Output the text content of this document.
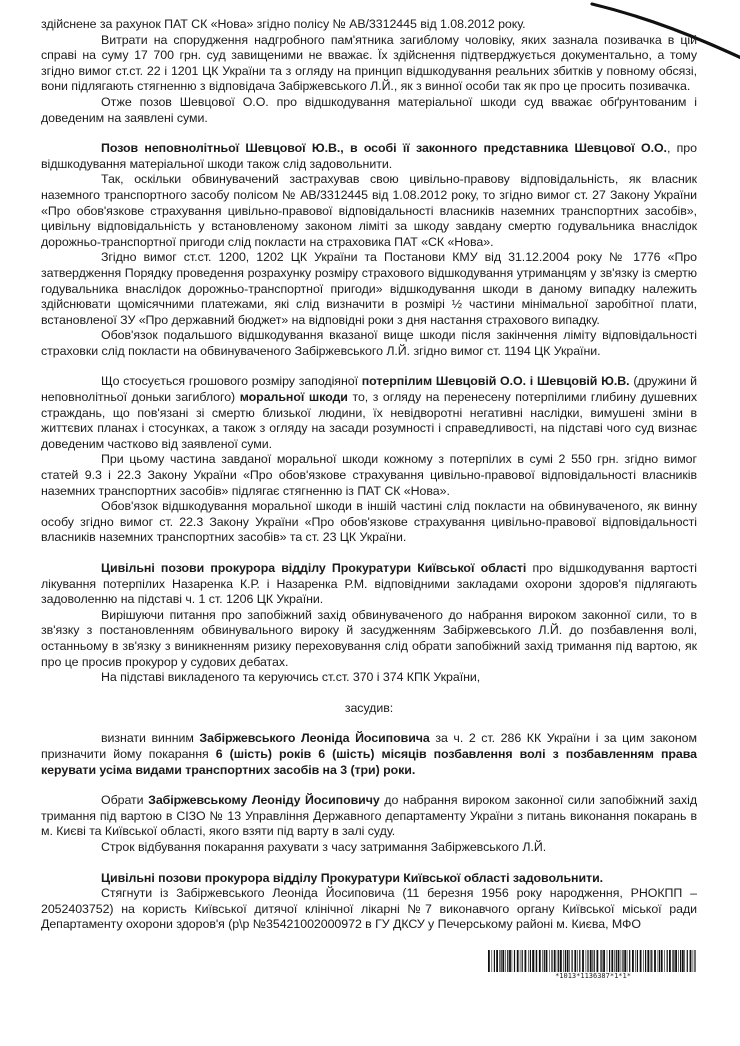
здійснене за рахунок ПАТ СК «Нова» згідно полісу № АВ/3312445 від 1.08.2012 року.

Витрати на спорудження надгробного пам'ятника загиблому чоловіку, яких зазнала позивачка в цій справі на суму 17 700 грн. суд завищеними не вважає. Їх здійснення підтверджується документально, а тому згідно вимог ст.ст. 22 і 1201 ЦК України та з огляду на принцип відшкодування реальних збитків у повному обсязі, вони підлягають стягненню з відповідача Забіржевського Л.Й., як з винної особи так як про це просить позивачка.

Отже позов Шевцової О.О. про відшкодування матеріальної шкоди суд вважає обґрунтованим і доведеним на заявлені суми.

Позов неповнолітньої Шевцової Ю.В., в особі її законного представника Шевцової О.О., про відшкодування матеріальної шкоди також слід задовольнити.

Так, оскільки обвинувачений застрахував свою цивільно-правову відповідальність, як власник наземного транспортного засобу полісом № АВ/3312445 від 1.08.2012 року, то згідно вимог ст. 27 Закону України «Про обов'язкове страхування цивільно-правової відповідальності власників наземних транспортних засобів», цивільну відповідальність у встановленому законом ліміті за шкоду завдану смертю годувальника внаслідок дорожньо-транспортної пригоди слід покласти на страховика ПАТ «СК «Нова».

Згідно вимог ст.ст. 1200, 1202 ЦК України та Постанови КМУ від 31.12.2004 року № 1776 «Про затвердження Порядку проведення розрахунку розміру страхового відшкодування утриманцям у зв'язку із смертю годувальника внаслідок дорожньо-транспортної пригоди» відшкодування шкоди в даному випадку належить здійснювати щомісячними платежами, які слід визначити в розмірі ½ частини мінімальної заробітної плати, встановленої ЗУ «Про державний бюджет» на відповідні роки з дня настання страхового випадку.

Обов'язок подальшого відшкодування вказаної вище шкоди після закінчення ліміту відповідальності страховки слід покласти на обвинуваченого Забіржевського Л.Й. згідно вимог ст. 1194 ЦК України.

Що стосується грошового розміру заподіяної потерпілим Шевцовій О.О. і Шевцовій Ю.В. (дружини й неповнолітньої доньки загиблого) моральної шкоди то, з огляду на перенесену потерпілими глибину душевних страждань, що пов'язані зі смертю близької людини, їх невідворотні негативні наслідки, вимушені зміни в життєвих планах і стосунках, а також з огляду на засади розумності і справедливості, на підставі чого суд визнає доведеним частково від заявленої суми.

При цьому частина завданої моральної шкоди кожному з потерпілих в сумі 2 550 грн. згідно вимог статей 9.3 і 22.3 Закону України «Про обов'язкове страхування цивільно-правової відповідальності власників наземних транспортних засобів» підлягає стягненню із ПАТ СК «Нова».

Обов'язок відшкодування моральної шкоди в іншій частині слід покласти на обвинуваченого, як винну особу згідно вимог ст. 22.3 Закону України «Про обов'язкове страхування цивільно-правової відповідальності власників наземних транспортних засобів» та ст. 23 ЦК України.

Цивільні позови прокурора відділу Прокуратури Київської області про відшкодування вартості лікування потерпілих Назаренка К.Р. і Назаренка Р.М. відповідними закладами охорони здоров'я підлягають задоволенню на підставі ч. 1 ст. 1206 ЦК України.

Вирішуючи питання про запобіжний захід обвинуваченого до набрання вироком законної сили, то в зв'язку з постановленням обвинувального вироку й засудженням Забіржевського Л.Й. до позбавлення волі, останньому в зв'язку з виникненням ризику переховування слід обрати запобіжний захід тримання під вартою, як про це просив прокурор у судових дебатах.

На підставі викладеного та керуючись ст.ст. 370 і 374 КПК України,

засудив:

визнати винним Забіржевського Леоніда Йосиповича за ч. 2 ст. 286 КК України і за цим законом призначити йому покарання 6 (шість) років 6 (шість) місяців позбавлення волі з позбавленням права керувати усіма видами транспортних засобів на 3 (три) роки.

Обрати Забіржевському Леоніду Йосиповичу до набрання вироком законної сили запобіжний захід тримання під вартою в СІЗО № 13 Управління Державного департаменту України з питань виконання покарань в м. Києві та Київської області, якого взяти під варту в залі суду.

Строк відбування покарання рахувати з часу затримання Забіржевського Л.Й.

Цивільні позови прокурора відділу Прокуратури Київської області задовольнити.

Стягнути із Забіржевського Леоніда Йосиповича (11 березня 1956 року народження, РНОКПП – 2052403752) на користь Київської дитячої клінічної лікарні №7 виконавчого органу Київської міської ради Департаменту охорони здоров'я (р\р №35421002000972 в ГУ ДКСУ у Печерському районі м. Києва, МФО

*1013*1136387*1*1*
